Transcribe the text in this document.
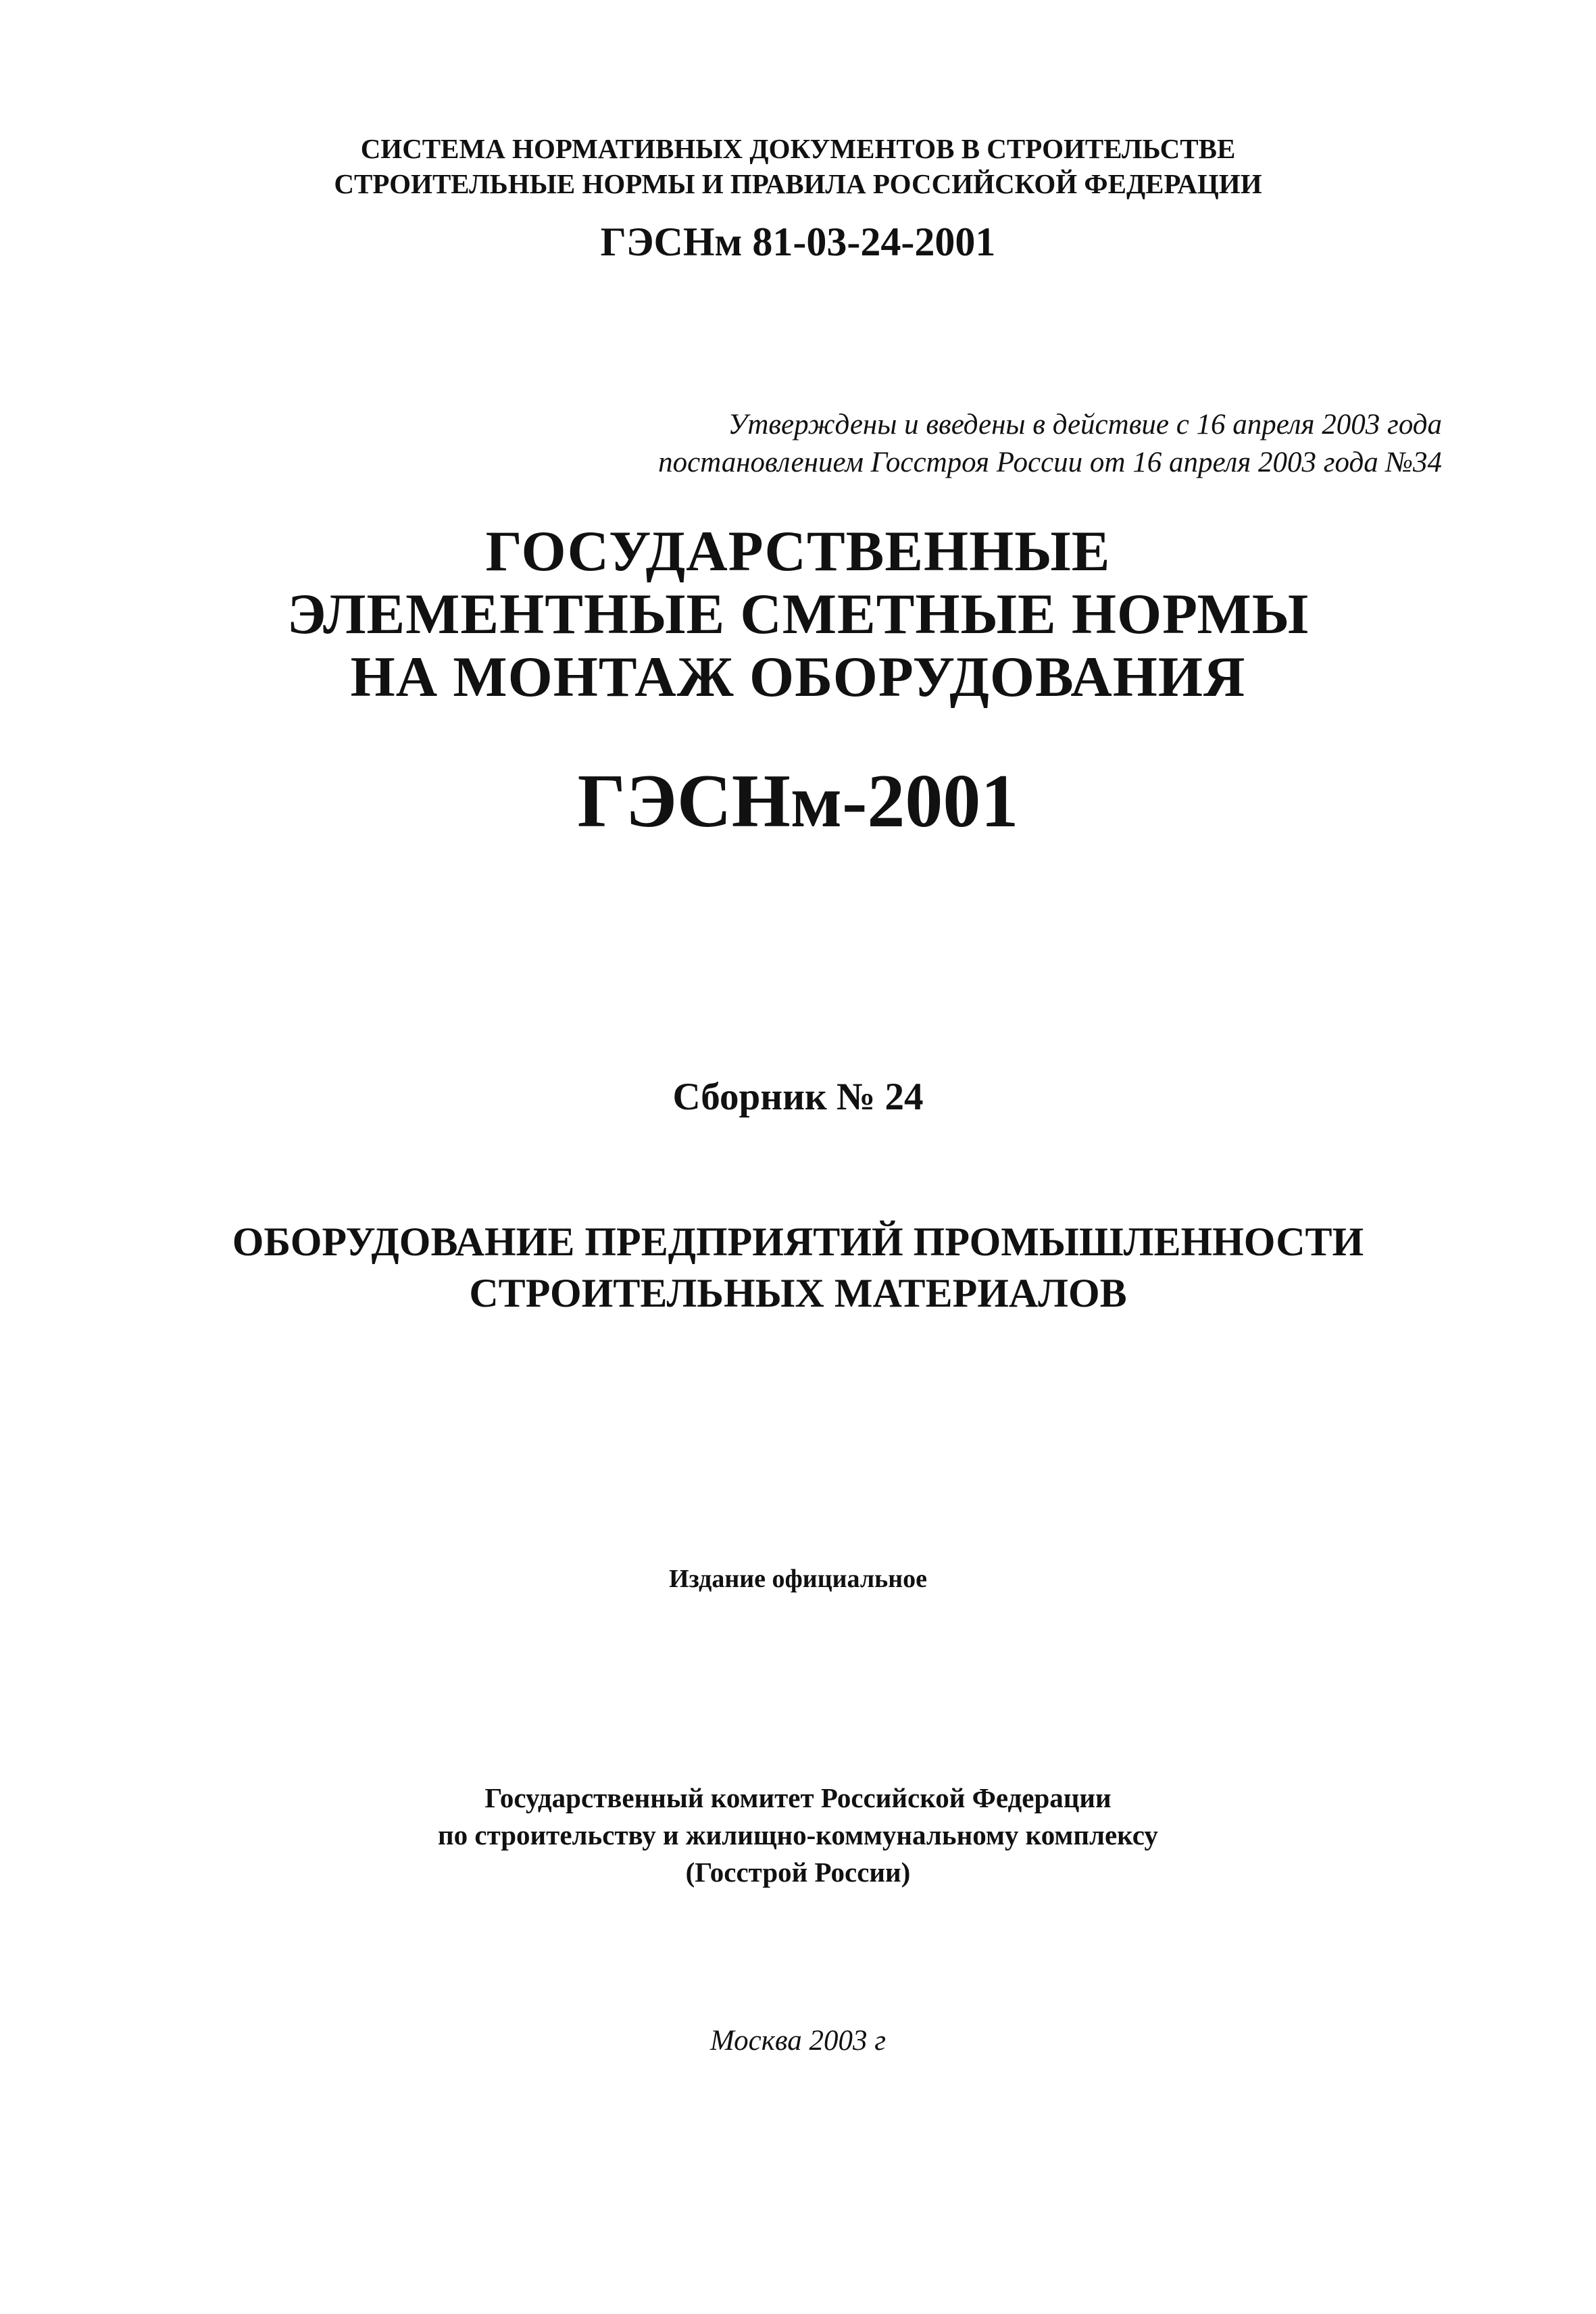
СИСТЕМА НОРМАТИВНЫХ ДОКУМЕНТОВ В СТРОИТЕЛЬСТВЕ
СТРОИТЕЛЬНЫЕ НОРМЫ И ПРАВИЛА РОССИЙСКОЙ ФЕДЕРАЦИИ
ГЭСНм 81-03-24-2001
Утверждены и введены в действие с 16 апреля 2003 года
постановлением Госстроя России от 16 апреля 2003 года №34
ГОСУДАРСТВЕННЫЕ
ЭЛЕМЕНТНЫЕ СМЕТНЫЕ НОРМЫ
НА МОНТАЖ ОБОРУДОВАНИЯ
ГЭСНм-2001
Сборник № 24
ОБОРУДОВАНИЕ ПРЕДПРИЯТИЙ ПРОМЫШЛЕННОСТИ
СТРОИТЕЛЬНЫХ МАТЕРИАЛОВ
Издание официальное
Государственный комитет Российской Федерации
по строительству и жилищно-коммунальному комплексу
(Госстрой России)
Москва 2003 г
